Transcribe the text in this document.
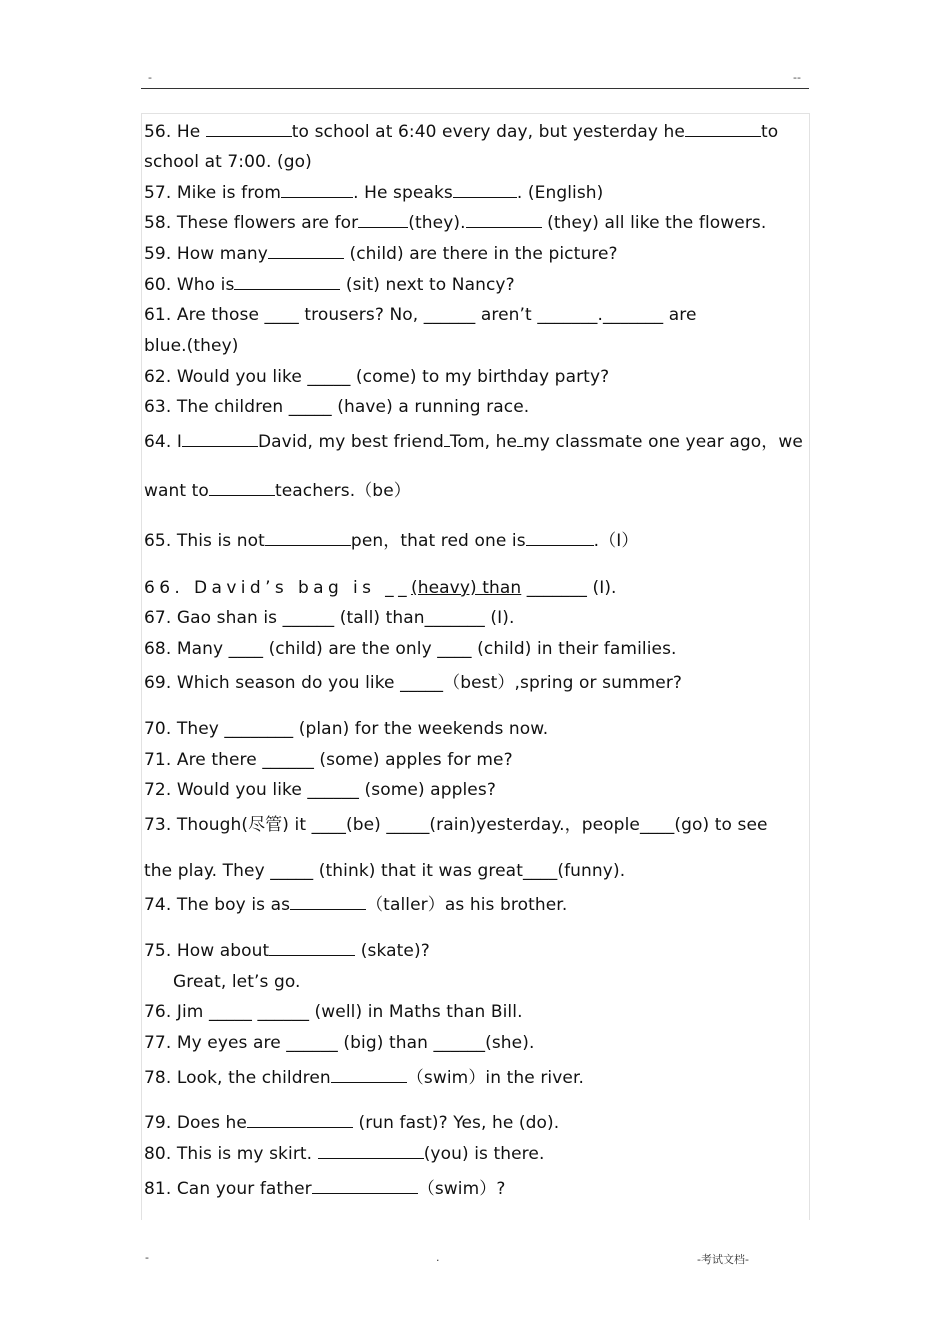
-	--
56. He	to school at 6:40 every day, but yesterday he	to
school at 7:00. (go)
57. Mike is from	. He speaks	. (English)
58. These flowers are for	(they).	(they) all like the flowers.
59. How many	(child) are there in the picture?
60. Who is	(sit) next to Nancy?
61. Are those ____ trousers? No, ______ aren’t _______._______ are
blue.(they)
62. Would you like _____ (come) to my birthday party?
63. The children _____ (have) a running race.
64. I	David, my best friend Tom, he my classmate one year ago，we
want to	teachers.（be）
65. This is not	pen，that red one is	.（I）
66. David’s bag is __(heavy) than _______ (I).
67. Gao shan is ______ (tall) than_______ (I).
68. Many ____ (child) are the only ____ (child) in their families.
69. Which season do you like _____（best）,spring or summer?
70. They ________ (plan) for the weekends now.
71. Are there ______ (some) apples for me?
72. Would you like ______ (some) apples?
73. Though(尽管) it ____(be) _____(rain)yesterday.，people____(go) to see
the play. They _____ (think) that it was great____(funny).
74. The boy is as	（taller）as his brother.
75. How about	(skate)?
Great, let’s go.
76. Jim _____ ______ (well) in Maths than Bill.
77. My eyes are ______ (big) than ______(she).
78. Look, the children	（swim）in the river.
79. Does he	(run fast)? Yes, he (do).
80. This is my skirt.	(you) is there.
81. Can your father	（swim）?
-	.	-考试文档-
